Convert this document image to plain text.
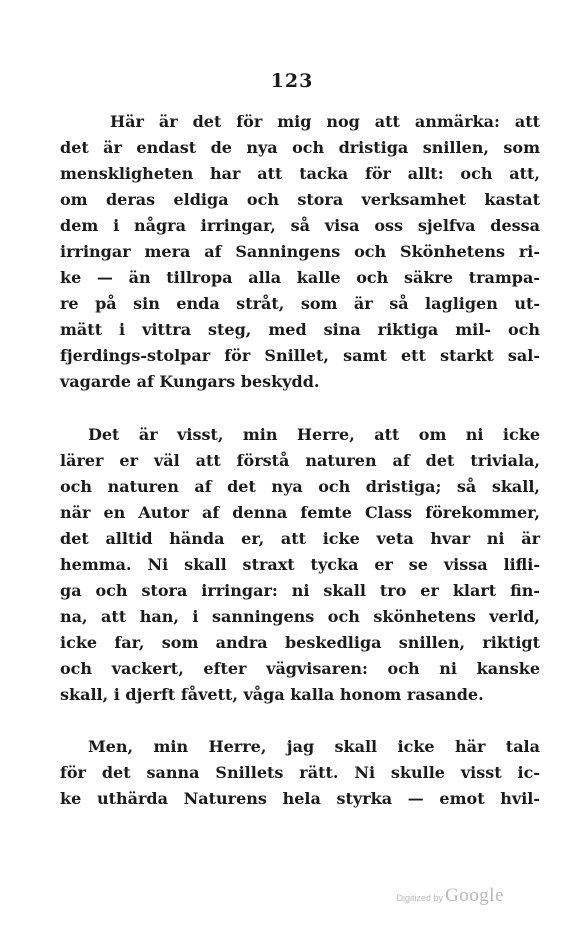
123
Här är det för mig nog att anmärka: att
det är endast de nya och dristiga snillen, som
menskligheten har att tacka för allt: och att,
om deras eldiga och stora verksamhet kastat
dem i några irringar, så visa oss sjelfva dessa
irringar mera af Sanningens och Skönhetens ri-
ke — än tillropa alla kalle och säkre trampa-
re på sin enda stråt, som är så lagligen ut-
mätt i vittra steg, med sina riktiga mil- och
fjerdings-stolpar för Snillet, samt ett starkt sal-
vagarde af Kungars beskydd.
Det är visst, min Herre, att om ni icke
lärer er väl att förstå naturen af det triviala,
och naturen af det nya och dristiga; så skall,
när en Autor af denna femte Class förekommer,
det alltid hända er, att icke veta hvar ni är
hemma. Ni skall straxt tycka er se vissa lifli-
ga och stora irringar: ni skall tro er klart fin-
na, att han, i sanningens och skönhetens verld,
icke far, som andra beskedliga snillen, riktigt
och vackert, efter vägvisaren: och ni kanske
skall, i djerft fåvett, våga kalla honom rasande.
Men, min Herre, jag skall icke här tala
för det sanna Snillets rätt. Ni skulle visst ic-
ke uthärda Naturens hela styrka — emot hvil-
Digitized by Google
